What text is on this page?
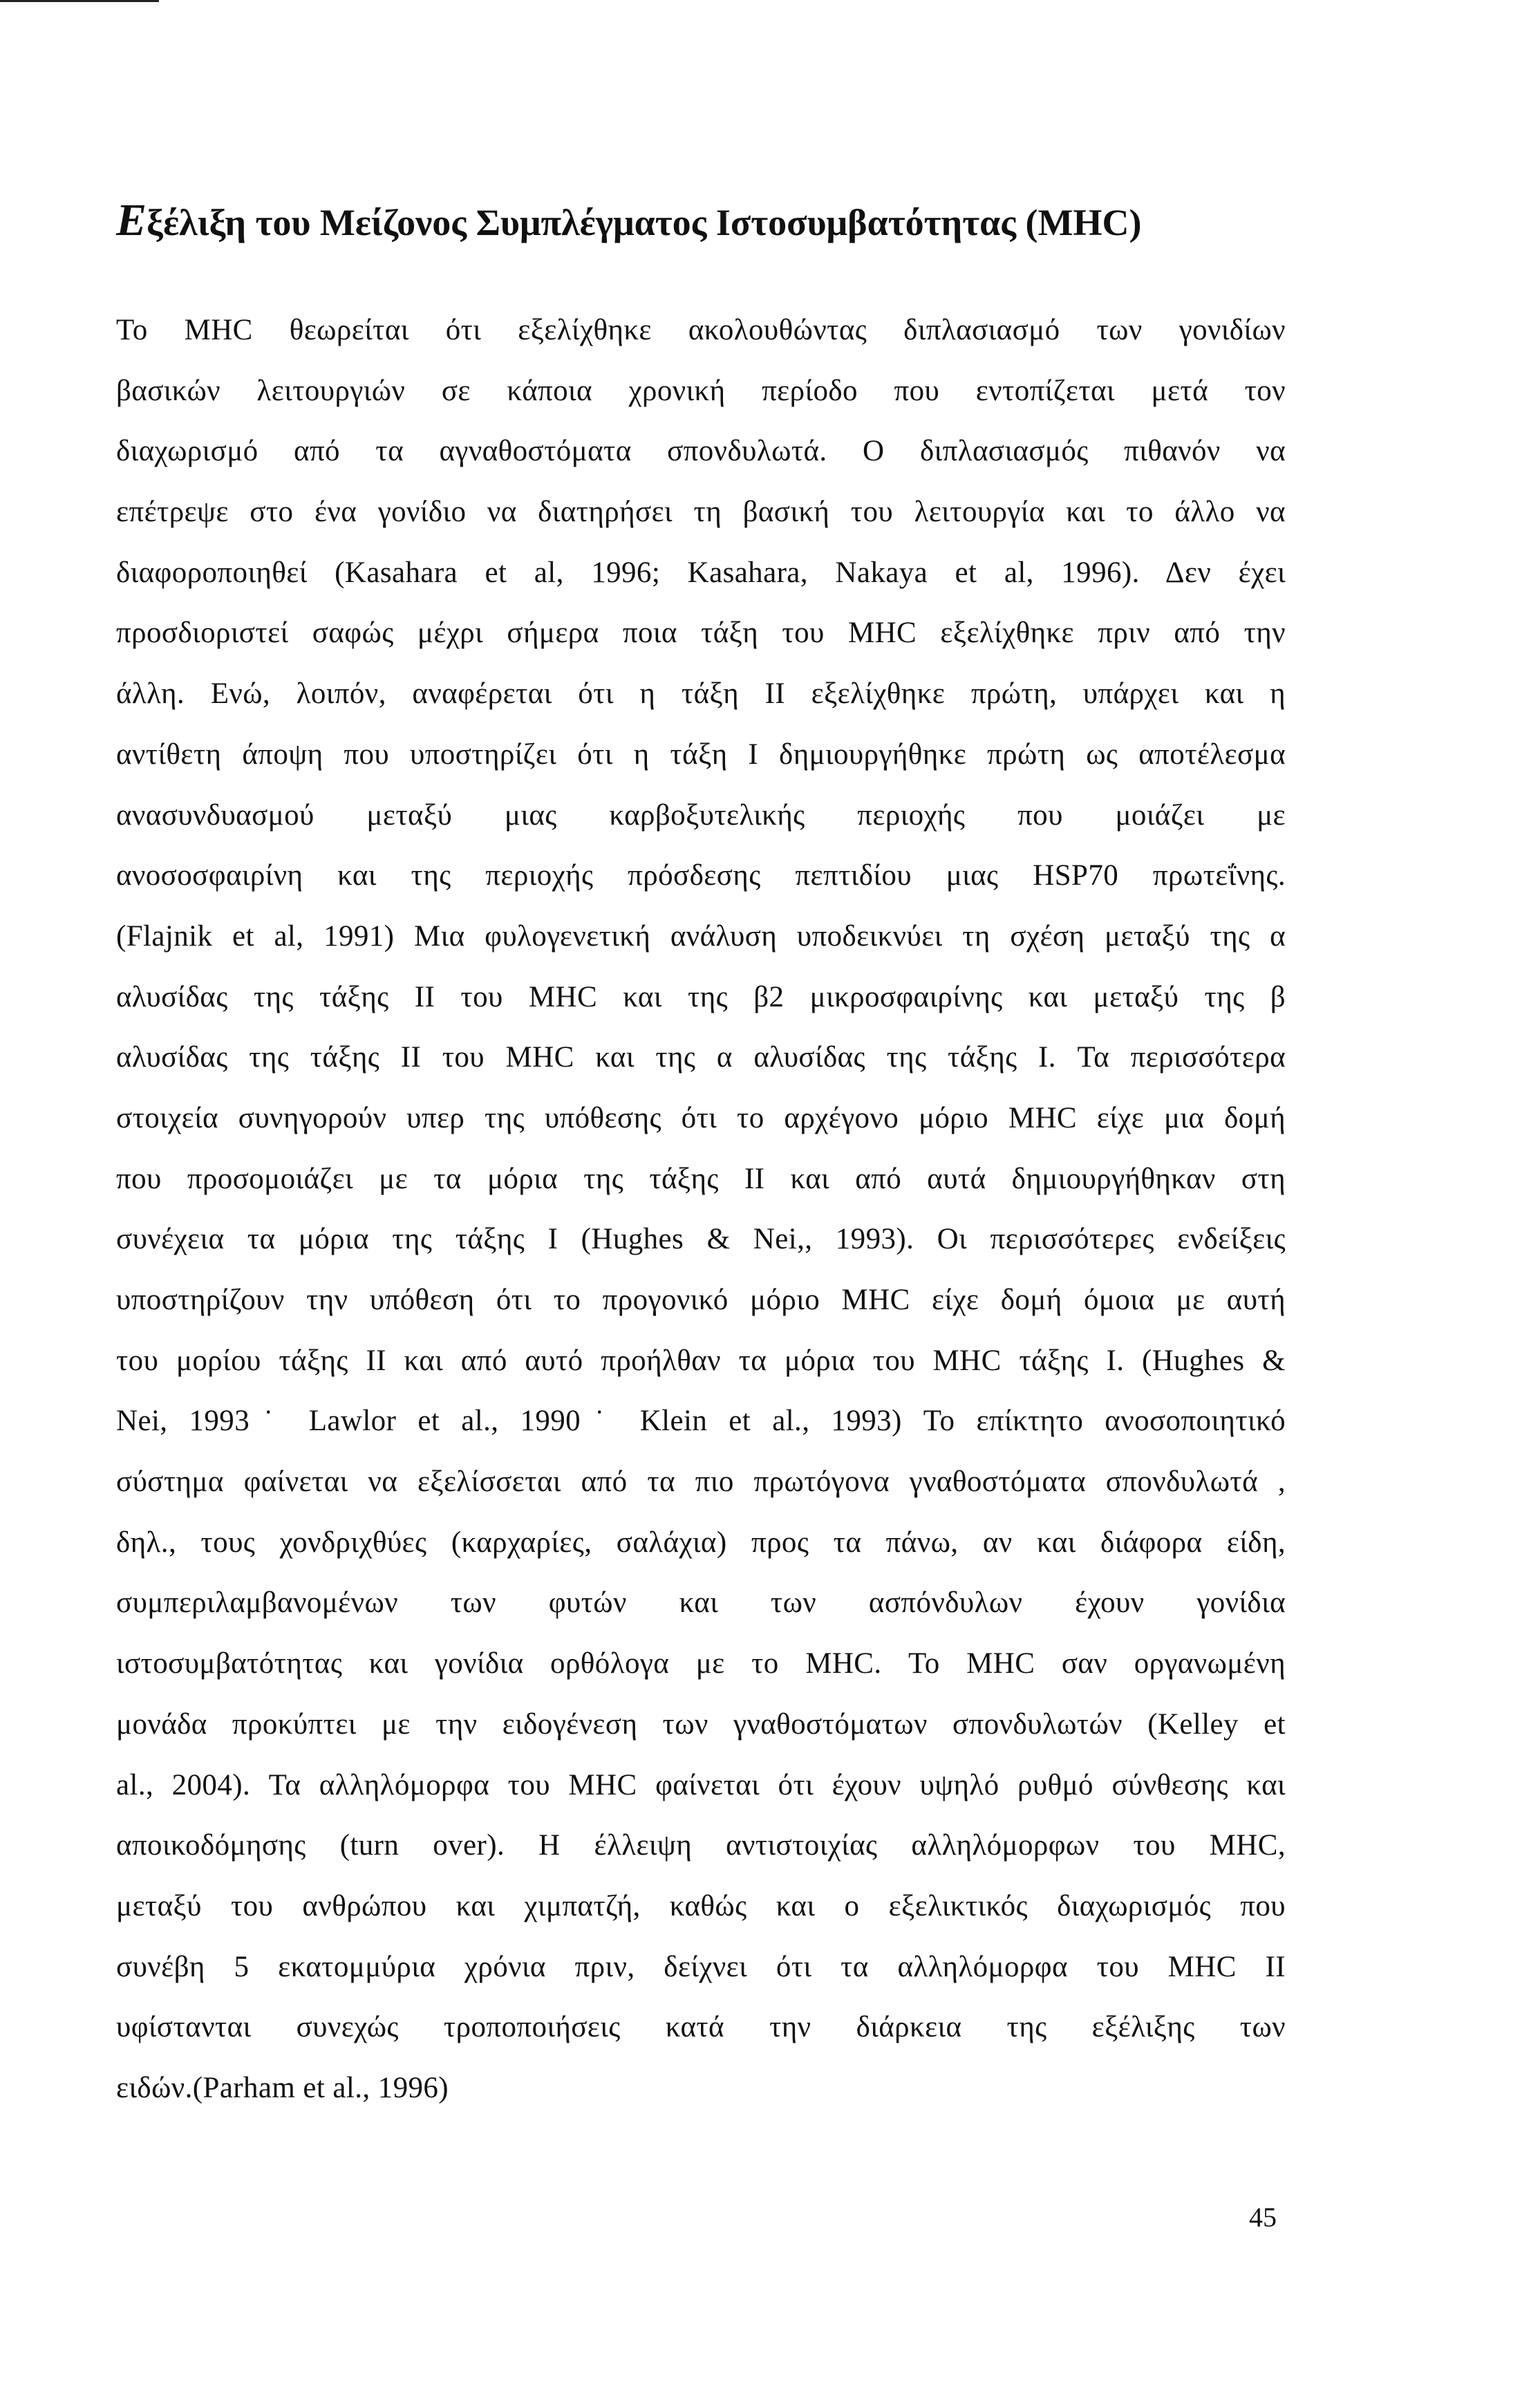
Εξέλιξη του Μείζονος Συμπλέγματος Ιστοσυμβατότητας (MHC)
Το ΜΗC θεωρείται ότι εξελίχθηκε ακολουθώντας διπλασιασμό των γονιδίων
βασικών λειτουργιών σε κάποια χρονική περίοδο που εντοπίζεται μετά τον
διαχωρισμό από τα αγναθοστόματα σπονδυλωτά. Ο διπλασιασμός πιθανόν να
επέτρεψε στο ένα γονίδιο να διατηρήσει τη βασική του λειτουργία και το άλλο να
διαφοροποιηθεί (Kasahara et al, 1996; Kasahara, Nakaya et al, 1996). Δεν έχει
προσδιοριστεί σαφώς μέχρι σήμερα ποια τάξη του MHC εξελίχθηκε πριν από την
άλλη. Ενώ, λοιπόν, αναφέρεται ότι η τάξη II εξελίχθηκε πρώτη, υπάρχει και η
αντίθετη άποψη που υποστηρίζει ότι η τάξη I δημιουργήθηκε πρώτη ως αποτέλεσμα
ανασυνδυασμού μεταξύ μιας καρβοξυτελικής περιοχής που μοιάζει με
ανοσοσφαιρίνη και της περιοχής πρόσδεσης πεπτιδίου μιας HSP70 πρωτεΐνης.
(Flajnik et al, 1991) Μια φυλογενετική ανάλυση υποδεικνύει τη σχέση μεταξύ της α
αλυσίδας της τάξης II του MHC και της β2 μικροσφαιρίνης και μεταξύ της β
αλυσίδας της τάξης II του MHC και της α αλυσίδας της τάξης I. Τα περισσότερα
στοιχεία συνηγορούν υπερ της υπόθεσης ότι το αρχέγονο μόριο MHC είχε μια δομή
που προσομοιάζει με τα μόρια της τάξης II και από αυτά δημιουργήθηκαν στη
συνέχεια τα μόρια της τάξης I (Hughes & Nei,, 1993). Οι περισσότερες ενδείξεις
υποστηρίζουν την υπόθεση ότι το προγονικό μόριο MHC είχε δομή όμοια με αυτή
του μορίου τάξης II και από αυτό προήλθαν τα μόρια του MHC τάξης I. (Hughes &
Nei, 1993˙ Lawlor et al., 1990˙ Klein et al., 1993) Το επίκτητο ανοσοποιητικό
σύστημα φαίνεται να εξελίσσεται από τα πιο πρωτόγονα γναθοστόματα σπονδυλωτά ,
δηλ., τους χονδριχθύες (καρχαρίες, σαλάχια) προς τα πάνω, αν και διάφορα είδη,
συμπεριλαμβανομένων των φυτών και των ασπόνδυλων έχουν γονίδια
ιστοσυμβατότητας και γονίδια ορθόλογα με το MHC. Το MHC σαν οργανωμένη
μονάδα προκύπτει με την ειδογένεση των γναθοστόματων σπονδυλωτών (Kelley et
al., 2004). Τα αλληλόμορφα του MHC φαίνεται ότι έχουν υψηλό ρυθμό σύνθεσης και
αποικοδόμησης (turn over). Η έλλειψη αντιστοιχίας αλληλόμορφων του MHC,
μεταξύ του ανθρώπου και χιμπατζή, καθώς και ο εξελικτικός διαχωρισμός που
συνέβη 5 εκατομμύρια χρόνια πριν, δείχνει ότι τα αλληλόμορφα του MHC II
υφίστανται συνεχώς τροποποιήσεις κατά την διάρκεια της εξέλιξης των
ειδών.(Parham et al., 1996)
45
